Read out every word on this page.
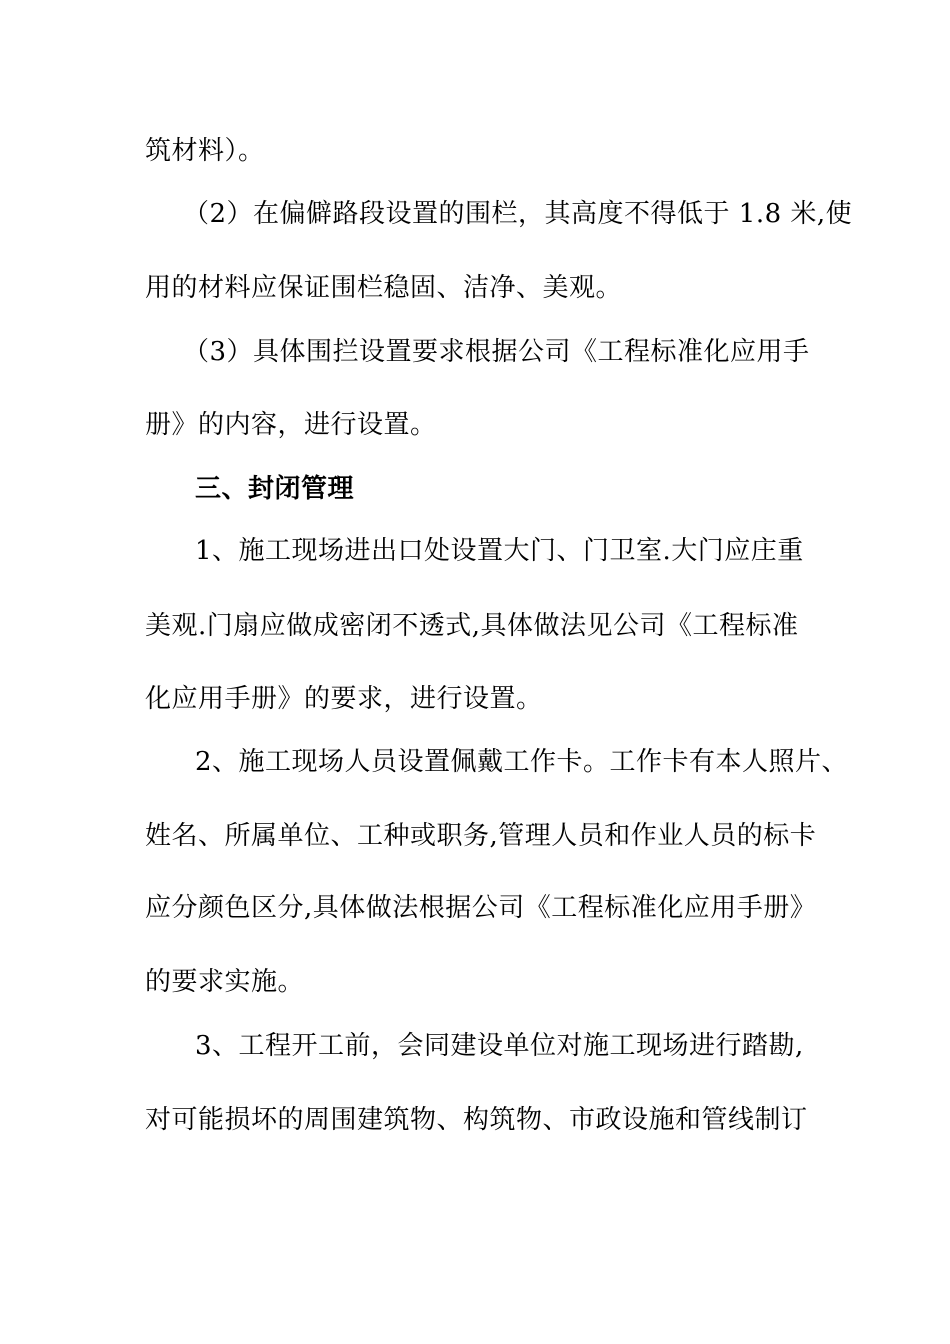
筑材料）。
（2）在偏僻路段设置的围栏，其高度不得低于 1.8 米,使
用的材料应保证围栏稳固、洁净、美观。
（3）具体围拦设置要求根据公司《工程标准化应用手
册》的内容，进行设置。
三、封闭管理
1、施工现场进出口处设置大门、门卫室.大门应庄重
美观.门扇应做成密闭不透式,具体做法见公司《工程标准
化应用手册》的要求，进行设置。
2、施工现场人员设置佩戴工作卡。工作卡有本人照片、
姓名、所属单位、工种或职务,管理人员和作业人员的标卡
应分颜色区分,具体做法根据公司《工程标准化应用手册》
的要求实施。
3、工程开工前，会同建设单位对施工现场进行踏勘,
对可能损坏的周围建筑物、构筑物、市政设施和管线制订
